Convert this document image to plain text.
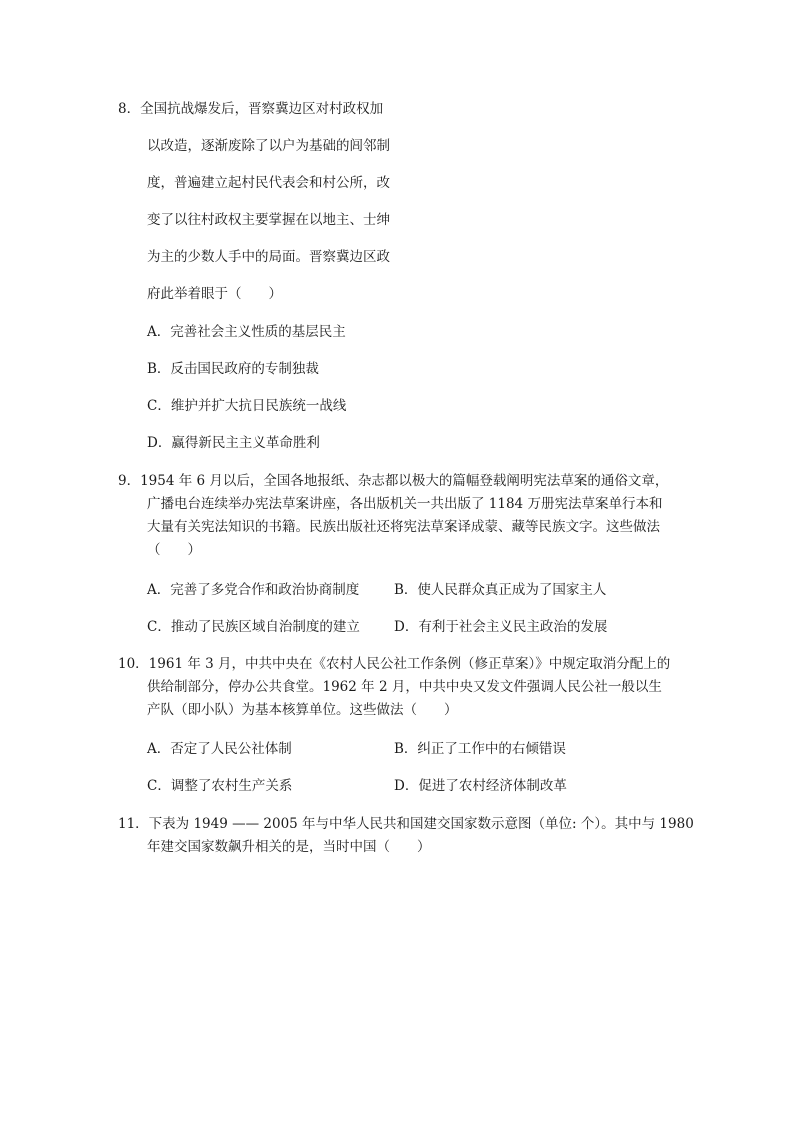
8．全国抗战爆发后，晋察冀边区对村政权加
以改造，逐渐废除了以户为基础的闾邻制
度，普遍建立起村民代表会和村公所，改
变了以往村政权主要掌握在以地主、士绅
为主的少数人手中的局面。晋察冀边区政
府此举着眼于（　　）
A．完善社会主义性质的基层民主
B．反击国民政府的专制独裁
C．维护并扩大抗日民族统一战线
D．赢得新民主主义革命胜利
9．1954 年 6 月以后，全国各地报纸、杂志都以极大的篇幅登载阐明宪法草案的通俗文章，
广播电台连续举办宪法草案讲座，各出版机关一共出版了 1184 万册宪法草案单行本和
大量有关宪法知识的书籍。民族出版社还将宪法草案译成蒙、藏等民族文字。这些做法
（　　）
A．完善了多党合作和政治协商制度	B．使人民群众真正成为了国家主人
C．推动了民族区域自治制度的建立	D．有利于社会主义民主政治的发展
10．1961 年 3 月，中共中央在《农村人民公社工作条例（修正草案）》中规定取消分配上的
供给制部分，停办公共食堂。1962 年 2 月，中共中央又发文件强调人民公社一般以生
产队（即小队）为基本核算单位。这些做法（　　）
A．否定了人民公社体制	B．纠正了工作中的右倾错误
C．调整了农村生产关系	D．促进了农村经济体制改革
11．下表为 1949 —— 2005 年与中华人民共和国建交国家数示意图（单位: 个）。其中与 1980
年建交国家数飙升相关的是，当时中国（　　）
